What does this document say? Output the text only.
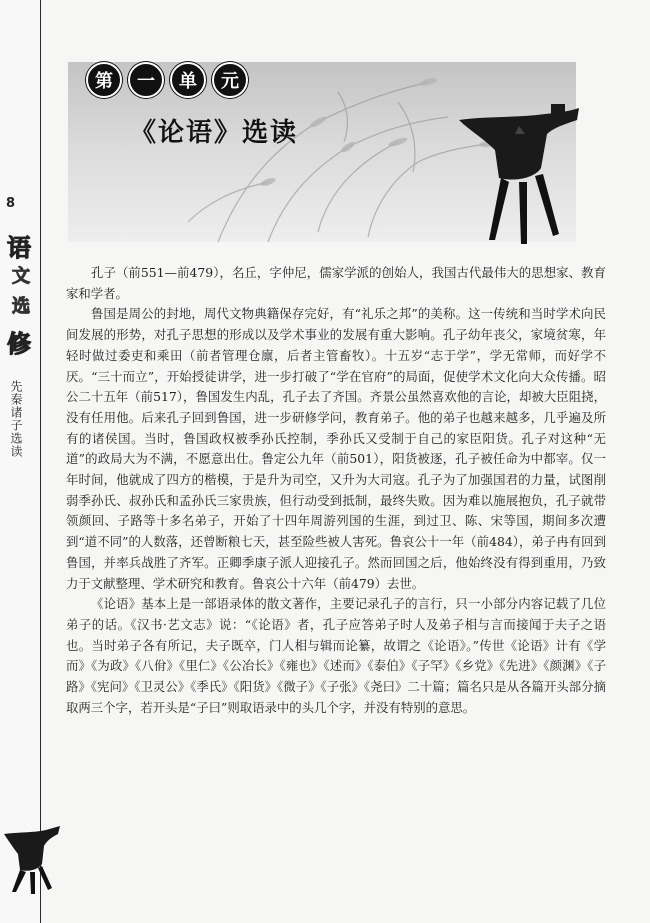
8
语
文
选
修
先秦诸子选读
第	一	单	元
《论语》选读

孔子（前551—前479），名丘，字仲尼，儒家学派的创始人，我国古代最伟大的思想家、教育家和学者。

鲁国是周公的封地，周代文物典籍保存完好，有“礼乐之邦”的美称。这一传统和当时学术向民间发展的形势，对孔子思想的形成以及学术事业的发展有重大影响。孔子幼年丧父，家境贫寒，年轻时做过委吏和乘田（前者管理仓廪，后者主管畜牧）。十五岁“志于学”，学无常师，而好学不厌。“三十而立”，开始授徒讲学，进一步打破了“学在官府”的局面，促使学术文化向大众传播。昭公二十五年（前517），鲁国发生内乱，孔子去了齐国。齐景公虽然喜欢他的言论，却被大臣阻挠，没有任用他。后来孔子回到鲁国，进一步研修学问，教育弟子。他的弟子也越来越多，几乎遍及所有的诸侯国。当时，鲁国政权被季孙氏控制，季孙氏又受制于自己的家臣阳货。孔子对这种“无道”的政局大为不满，不愿意出仕。鲁定公九年（前501），阳货被逐，孔子被任命为中都宰。仅一年时间，他就成了四方的楷模，于是升为司空，又升为大司寇。孔子为了加强国君的力量，试图削弱季孙氏、叔孙氏和孟孙氏三家贵族，但行动受到抵制，最终失败。因为难以施展抱负，孔子就带领颜回、子路等十多名弟子，开始了十四年周游列国的生涯，到过卫、陈、宋等国，期间多次遭到“道不同”的人数落，还曾断粮七天，甚至险些被人害死。鲁哀公十一年（前484），弟子冉有回到鲁国，并率兵战胜了齐军。正卿季康子派人迎接孔子。然而回国之后，他始终没有得到重用，乃致力于文献整理、学术研究和教育。鲁哀公十六年（前479）去世。

《论语》基本上是一部语录体的散文著作，主要记录孔子的言行，只一小部分内容记载了几位弟子的话。《汉书·艺文志》说：“《论语》者，孔子应答弟子时人及弟子相与言而接闻于夫子之语也。当时弟子各有所记，夫子既卒，门人相与辑而论纂，故谓之《论语》。”传世《论语》计有《学而》《为政》《八佾》《里仁》《公冶长》《雍也》《述而》《泰伯》《子罕》《乡党》《先进》《颜渊》《子路》《宪问》《卫灵公》《季氏》《阳货》《微子》《子张》《尧曰》二十篇；篇名只是从各篇开头部分摘取两三个字，若开头是“子曰”则取语录中的头几个字，并没有特别的意思。
